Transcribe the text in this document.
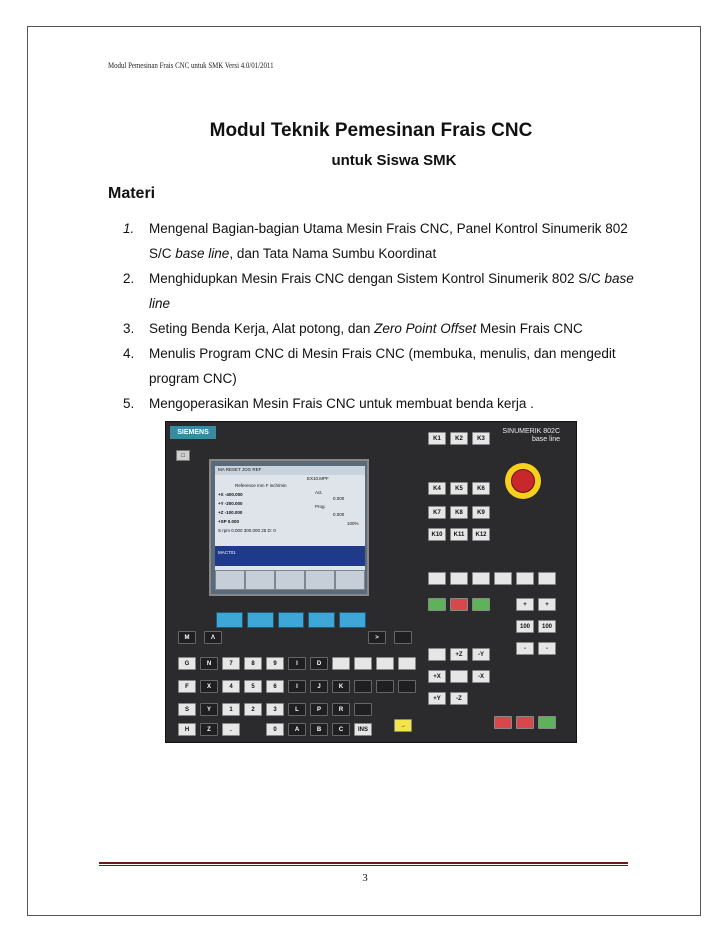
Modul Pemesinan Frais CNC untuk SMK Versi 4.0/01/2011
Modul Teknik Pemesinan Frais CNC
untuk Siswa SMK
Materi
1.	Mengenal Bagian-bagian Utama Mesin Frais CNC, Panel Kontrol Sinumerik 802 S/C base line, dan Tata Nama Sumbu Koordinat
2.	Menghidupkan Mesin Frais CNC dengan Sistem Kontrol Sinumerik 802 S/C base line
3.	Seting Benda Kerja, Alat potong, dan Zero Point Offset Mesin Frais CNC
4.	Menulis Program CNC di Mesin Frais CNC (membuka, menulis, dan mengedit program CNC)
5.	Mengoperasikan Mesin Frais CNC untuk membuat benda kerja .
SIEMENS	SINUMERIK 802C
base line
□
MA RESET JOG REF
EX10.MPF
Reference mm F inch/min
+X -400.000
+Y -200.000
+Z -100.000
+SP 0.000
Act.
0.000
Prog.
0.000
100%
S rpm 0.000 300.000 25 D: 0
MACT01
K1	K2	K3
K4	K5	K6
K7	K8	K9
K10	K11	K12
+	+
100	100
-	-
+Z	-Y
+X	-X
+Y	-Z
M	Λ	>
G	N	7	8	9	I	D
F	X	4	5	6	I	J	K
S	Y	1	2	3	L	P	R
H	Z	.	0	A	B	C	INS
→
3
